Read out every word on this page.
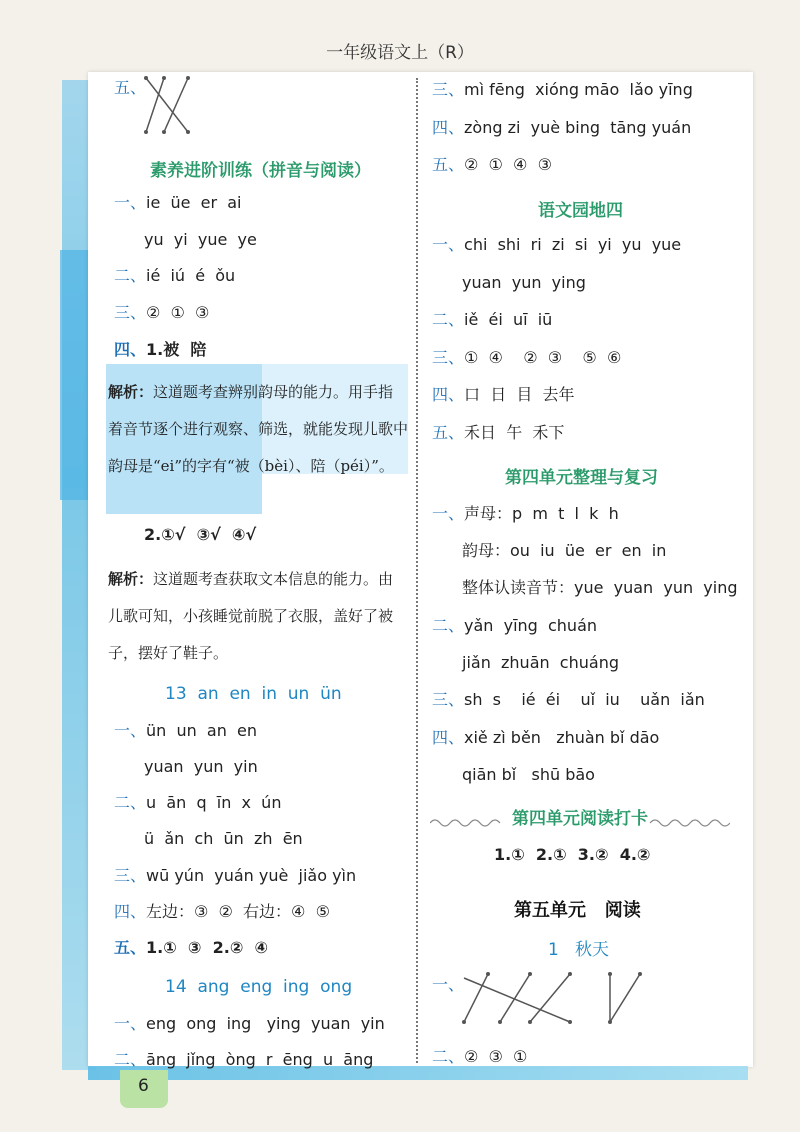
一年级语文上（R）
6
五、
素养进阶训练（拼音与阅读）
一、ie  üe  er  ai
yu  yi  yue  ye
二、ié  iú  é  ǒu
三、②  ①  ③
四、1.被  陪
2.①√  ③√  ④√
13  an  en  in  un  ün
一、ün  un  an  en
yuan  yun  yin
二、u  ān  q  īn  x  ún
ü  ǎn  ch  ūn  zh  ēn
三、wū yún  yuán yuè  jiǎo yìn
四、左边：③  ②  右边：④  ⑤
五、1.①  ③  2.②  ④
14  ang  eng  ing  ong
一、eng  ong  ing   ying  yuan  yin
二、āng  jǐng  òng  r  ēng  u  āng
三、mì fēng  xióng māo  lǎo yīng
四、zòng zi  yuè bing  tāng yuán
五、②  ①  ④  ③
语文园地四
一、chi  shi  ri  zi  si  yi  yu  yue
yuan  yun  ying
二、iě  éi  uī  iū
三、①  ④    ②  ③    ⑤  ⑥
四、口  日  目  去年
五、禾日  午  禾下
第四单元整理与复习
一、声母：p  m  t  l  k  h
韵母：ou  iu  üe  er  en  in
整体认读音节：yue  yuan  yun  ying
二、yǎn  yīng  chuán
jiǎn  zhuān  chuáng
三、sh  s    ié  éi    uǐ  iu    uǎn  iǎn
四、xiě zì běn   zhuàn bǐ dāo
qiān bǐ   shū bāo
第四单元阅读打卡
1.①  2.①  3.②  4.②
第五单元   阅读
1   秋天
一、
二、②  ③  ①
解析：这道题考查辨别韵母的能力。用手指着音节逐个进行观察、筛选，就能发现儿歌中韵母是“ei”的字有“被（bèi）、陪（péi）”。
解析：这道题考查获取文本信息的能力。由儿歌可知，小孩睡觉前脱了衣服，盖好了被子，摆好了鞋子。
